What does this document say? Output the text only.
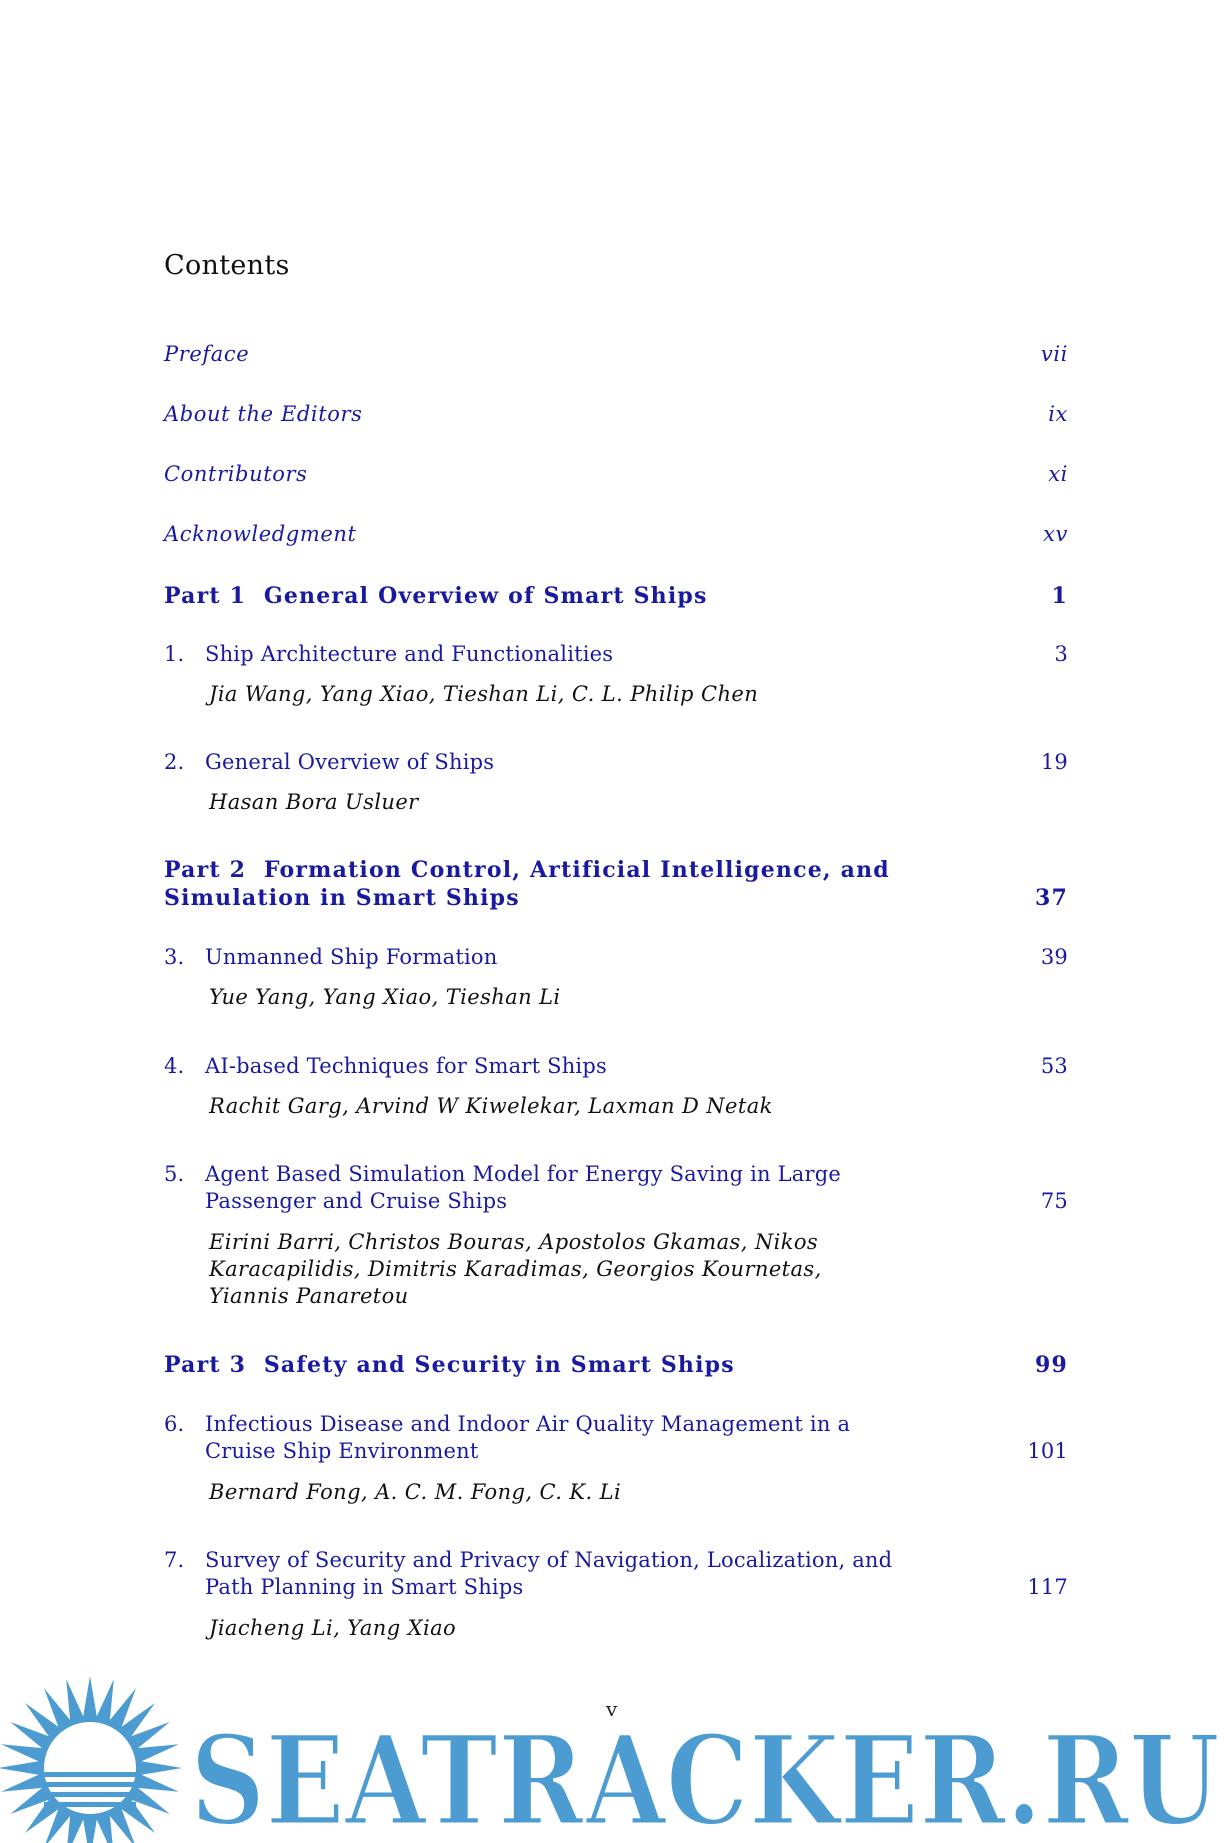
Contents
Preface	vii
About the Editors	ix
Contributors	xi
Acknowledgment	xv
Part 1  General Overview of Smart Ships	1
1. Ship Architecture and Functionalities	3
Jia Wang, Yang Xiao, Tieshan Li, C. L. Philip Chen
2. General Overview of Ships	19
Hasan Bora Usluer
Part 2  Formation Control, Artificial Intelligence, and Simulation in Smart Ships	37
3. Unmanned Ship Formation	39
Yue Yang, Yang Xiao, Tieshan Li
4. AI-based Techniques for Smart Ships	53
Rachit Garg, Arvind W Kiwelekar, Laxman D Netak
5. Agent Based Simulation Model for Energy Saving in Large Passenger and Cruise Ships	75
Eirini Barri, Christos Bouras, Apostolos Gkamas, Nikos Karacapilidis, Dimitris Karadimas, Georgios Kournetas, Yiannis Panaretou
Part 3  Safety and Security in Smart Ships	99
6. Infectious Disease and Indoor Air Quality Management in a Cruise Ship Environment	101
Bernard Fong, A. C. M. Fong, C. K. Li
7. Survey of Security and Privacy of Navigation, Localization, and Path Planning in Smart Ships	117
Jiacheng Li, Yang Xiao
v
SEATRACKER.RU
